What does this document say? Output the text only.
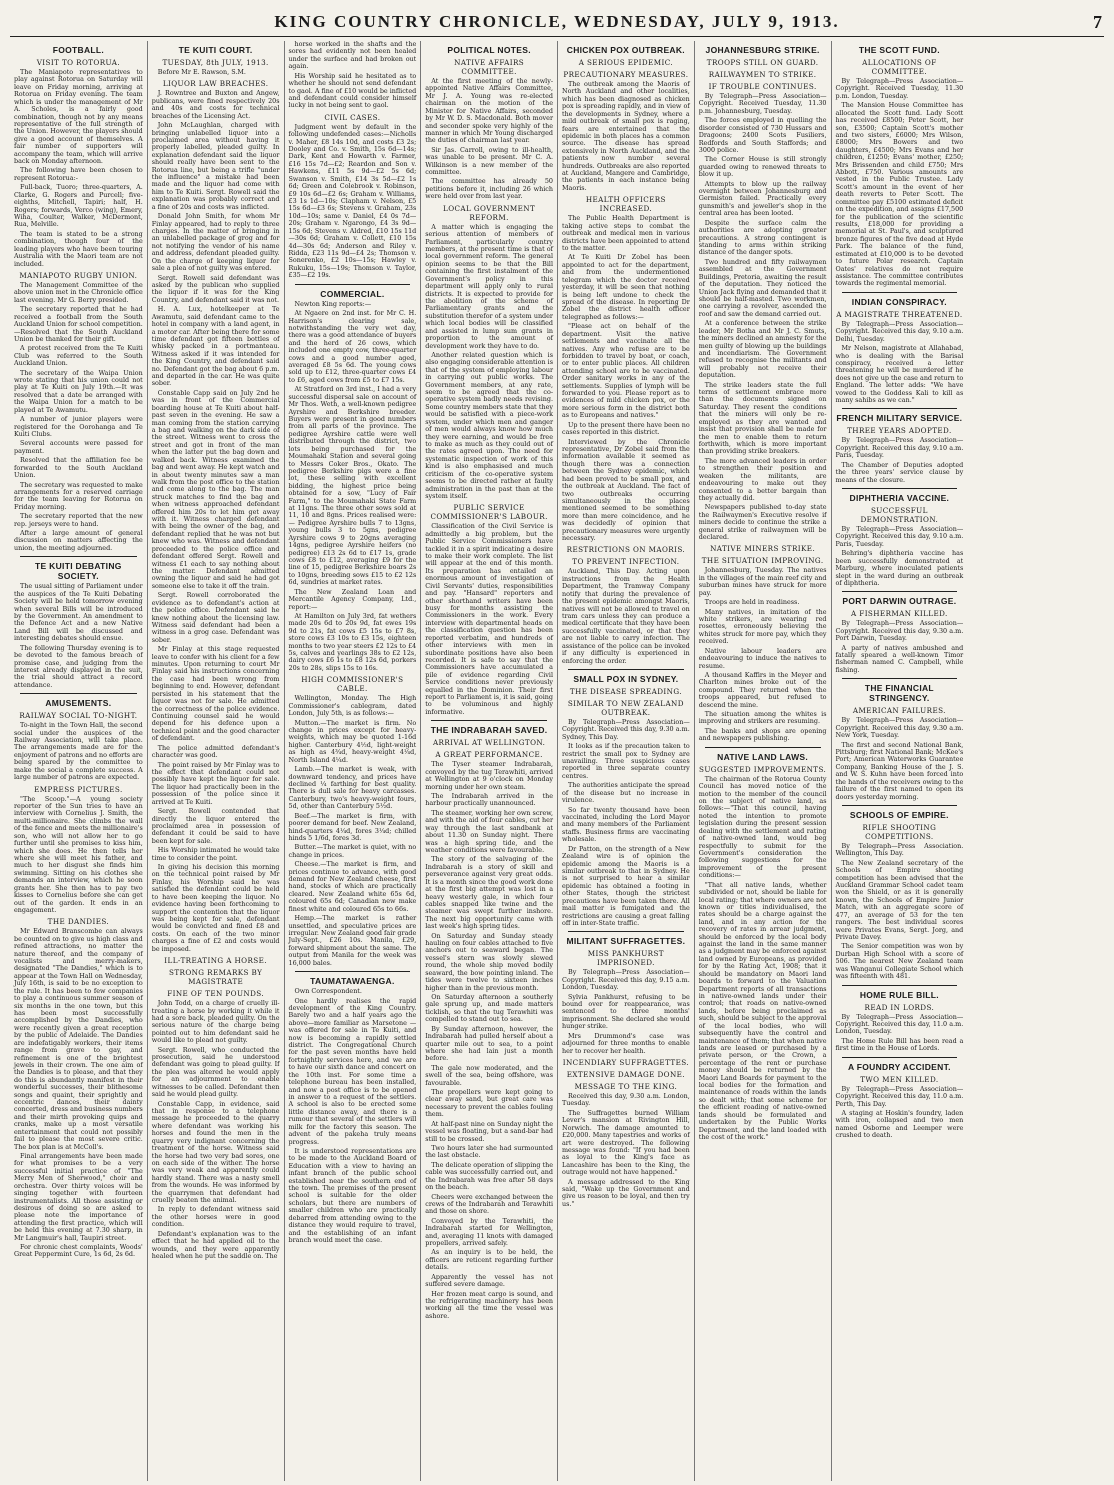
KING COUNTRY CHRONICLE, WEDNESDAY, JULY 9, 1913.	7
FOOTBALL.
VISIT TO ROTORUA.
The Maniapoto representatives to play against Rotorua on Saturday will leave on Friday morning, arriving at Rotorua on Friday evening. The team which is under the management of Mr A. Scholes, is a fairly good combination, though not by any means representative of the full strength of the Union. However, the players should give a good account of themselves. A fair number of supporters will accompany the team, which will arrive back on Monday afternoon.
The following have been chosen to represent Rotorua:-
Full-back, Tuoro; three-quarters, A. Clarke, G. Rogers and Purcell; five-eighths, Mitchell, Tapiri; half, H. Rogers; forwards, Verco (wing), Emery, Wiha, Coulter, Walker, McDermont, Rua, Melville.
The team is stated to be a strong combination, though four of the leading players who have been touring Australia with the Maori team are not included.
MANIAPOTO RUGBY UNION.
The Management Committee of the above union met in the Chronicle office last evening. Mr G. Berry presided.
The secretary reported that he had received a football from the South Auckland Union for school competition.—Resolved that the South Auckland Union be thanked for their gift.
A protest received from the Te Kuiti Club was referred to the South Auckland Union.
The secretary of the Waipa Union wrote stating that his union could not play at Te Kuiti on July 19th.—It was resolved that a date be arranged with the Waipa Union for a match to be played at Te Awamutu.
A number of junior players were registered for the Oorohanga and Te Kuiti Clubs.
Several accounts were passed for payment.
Resolved that the affiliation fee be forwarded to the South Auckland Union.
The secretary was requested to make arrangements for a reserved carriage for the team leaving for Rotorua on Friday morning.
The secretary reported that the new rep. jerseys were to hand.
After a large amount of general discussion on matters affecting the union, the meeting adjourned.
TE KUITI DEBATING SOCIETY.
The usual sitting of Parliament under the auspices of the Te Kuiti Debating Society will be held tomorrow evening when several Bills will be introduced by the Government. An amendment to the Defence Act and a new Native Land Bill will be discussed and interesting debates should ensue.
The following Thursday evening is to be devoted to the famous breach of promise case, and judging from the interest already displayed in the suit, the trial should attract a record attendance.
AMUSEMENTS.
RAILWAY SOCIAL TO-NIGHT.
To-night in the Town Hall, the second social under the auspices of the Railway Association, will take place. The arrangements made are for the enjoyment of patrons and no efforts are being spared by the committee to make the social a complete success. A large number of patrons are expected.
EMPRESS PICTURES.
"The Scoop."—A young society reporter of the Sun tries to have an interview with Cornelius J. Smith, the multi-millionaire. She climbs the wall of the fence and meets the millionaire's son, who will not allow her to go further until she promises to kiss him, which she does. He then tells her where she will meet his father, and much to her disgust she finds him swimming. Sitting on his clothes she demands an interview, which he soon grants her. She then has to pay two kisses to Cornelius before she can get out of the garden. It ends in an engagement.
THE DANDIES.
Mr Edward Branscombe can always be counted on to give us high class and refined attractions, no matter the nature thereof, and the company of vocalists and merry-makers, designated "The Dandies," which is to appear at the Town Hall on Wednesday, July 16th, is said to be no exception to the rule. It has been to few companies to play a continuous summer season of six months in the one town, but this has been most successfully accomplished by the Dandies, who were recently given a great reception by the public of Adelaide. The Dandies are indefatigably workers, their items range from grave to gay, and refinement is one of the brightest jewels in their crown. The one aim of the Dandies is to please, and that they do this is abundantly manifest in their wonderful successes, their blithesome songs and quaint, their sprightly and eccentric dances, their dainty concerted, dress and business numbers and their mirth provoking quips and cranks, make up a most versatile entertainment that could not possibly fail to please the most severe critic. The box plan is at McColl's.
Final arrangements have been made for what promises to be a very successful initial practice of "The Merry Men of Sherwood," choir and orchestra. Over thirty voices will be singing together with fourteen instrumentalists. All those assisting or desirous of doing so are asked to please note the importance of attending the first practice, which will be held this evening at 7.30 sharp, in Mr Langmuir's hall, Taupiri street.
For chronic chest complaints, Woods' Great Peppermint Cure, 1s 6d, 2s 6d.
TE KUITI COURT.
TUESDAY, 8th JULY, 1913.
Before Mr E. Rawson, S.M.
LIQUOR LAW BREACHES.
J. Rowntree and Buxton and Angew, publicans, were fined respectively 20s and 40s and costs for technical breaches of the Licensing Act.
John McLaughlan, charged with bringing unlabelled liquor into a proclaimed area without having it properly labelled, pleaded guilty. In explanation defendant said the liquor should really have been sent to the Rotorua line, but being a trifle "under the influence" a mistake had been made and the liquor had come with him to Te Kuiti. Sergt. Rowell said the explanation was probably correct and a fine of 20s and costs was inflicted.
Donald John Smith, for whom Mr Finlay appeared, had to reply to three charges. In the matter of bringing in an unlabelled package of grog and for not notifying the vendor of his name and address, defendant pleaded guilty. On the charge of keeping liquor for sale a plea of not guilty was entered.
Sergt. Rowell said defendant was asked by the publican who supplied the liquor if it was for the King Country, and defendant said it was not.
H. A. Lux, hotelkeeper at Te Awamutu, said defendant came to the hotel in company with a land agent, in a motor car. After being there for some time defendant got fifteen bottles of whisky packed in a portmanteau. Witness asked if it was intended for the King Country, and defendant said no. Defendant got the bag about 6 p.m. and departed in the car. He was quite sober.
Constable Capp said on July 2nd he was in front of the Commercial boarding house at Te Kuiti about half-past seven in the evening. He saw a man coming from the station carrying a bag and walking on the dark side of the street. Witness went to cross the street and got in front of the man when the latter put the bag down and walked back. Witness examined the bag and went away. He kept watch and in about twenty minutes saw a man walk from the post office to the station and come along to the bag. The man struck matches to find the bag and when witness approached defendant offered him 20s to let him get away with it. Witness charged defendant with being the owner of the bag, and defendant replied that he was not but knew who was. Witness and defendant proceeded to the police office and defendant offered Sergt. Rowell and witness £1 each to say nothing about the matter. Defendant admitted owning the liquor and said he had got someone else to take it off the train.
Sergt. Rowell corroborated the evidence as to defendant's action at the police office. Defendant said he knew nothing about the licensing law. Witness said defendant had been a witness in a grog case. Defendant was sober.
Mr Finlay at this stage requested leave to confer with his client for a few minutes. Upon returning to court Mr Finlay said his instructions concerning the case had been wrong from beginning to end. However, defendant persisted in his statement that the liquor was not for sale. He admitted the correctness of the police evidence. Continuing counsel said he would depend for his defence upon a technical point and the good character of defendant.
The police admitted defendant's character was good.
The point raised by Mr Finlay was to the effect that defendant could not possibly have kept the liquor for sale. The liquor had practically been in the possession of the police since it arrived at Te Kuiti.
Sergt. Rowell contended that directly the liquor entered the proclaimed area in possession of defendant it could be said to have been kept for sale.
His Worship intimated he would take time to consider the point.
In giving his decision this morning on the technical point raised by Mr Finlay, his Worship said he was satisfied the defendant could be held to have been keeping the liquor. No evidence having been forthcoming to support the contention that the liquor was being kept for sale, defendant would be convicted and fined £8 and costs. On each of the two minor charges a fine of £2 and costs would be imposed.
ILL-TREATING A HORSE.
STRONG REMARKS BY MAGISTRATE
FINE OF TEN POUNDS.
John Todd, on a charge of cruelly ill-treating a horse by working it while it had a sore back, pleaded guilty. On the serious nature of the charge being pointed out to him defendant said he would like to plead not guilty.
Sergt. Rowell, who conducted the prosecution, said he understood defendant was going to plead guilty. If the plea was altered he would apply for an adjournment to enable witnesses to be called. Defendant then said he would plead guilty.
Constable Capp, in evidence, said that in response to a telephone message he proceeded to the quarry where defendant was working his horses and found the men in the quarry very indignant concerning the treatment of the horse. Witness said the horse had two very bad sores, one on each side of the wither. The horse was very weak and apparently could hardly stand. There was a nasty smell from the wounds. He was informed by the quarrymen that defendant had cruelly beaten the animal.
In reply to defendant witness said the other horses were in good condition.
Defendant's explanation was to the effect that he had applied oil to the wounds, and they were apparently healed when he put the saddle on. The
horse worked in the shafts and the sores had evidently not been healed under the surface and had broken out again.
His Worship said he hesitated as to whether he should not send defendant to gaol. A fine of £10 would be inflicted and defendant could consider himself lucky in not being sent to gaol.
CIVIL CASES.
Judgment went by default in the following undefended cases:—Nicholls v. Maher, £8 14s 10d, and costs £3 2s; Dooley and Co. v. Smith, 15s 6d—14s; Dark, Kent and Howarth v. Farmer, £16 15s 7d—£2; Reardon and Son v. Hawkens, £11 5s 9d—£2 5s 6d; Swanson v. Smith, £14 3s 5d—£2 1s 6d; Green and Colebrook v. Robinson, £9 10s 6d—£2 6s; Graham v. Williams, £3 1s 1d—10s; Clapham v. Nelson, £5 15s 6d—£3 6s; Stevens v. Graham, 23s 10d—10s; same v. Daniel, £4 0s 7d—20s; Graham v. Ngarongo, £4 3s 9d—15s 6d; Stevens v. Aldred, £10 15s 11d—30s 6d; Graham v. Collett, £10 15s 4d—30s 6d; Anderson and Riley v. Ridda, £23 11s 9d—£4 2s; Thomson v. Sonerenko, £2 10s—15s; Hawley v. Rukuku, 15s—19s; Thomson v. Taylor, £35—£2 19s.
COMMERCIAL.
Newton King reports:—
At Ngaere on 2nd inst. for Mr C. H. Harrison's clearing sale, notwithstanding the very wet day, there was a good attendance of buyers and the herd of 26 cows, which included one empty cow, three-quarter cows and a good number aged, averaged £8 5s 6d. The young cows sold up to £12, three-quarter cows £4 to £6, aged cows from £5 to £7 15s.
At Stratford on 3rd inst., I had a very successful dispersal sale on account of Mr Thos. Weth, a well-known pedigree Ayrshire and Berkshire breeder. Buyers were present in good numbers from all parts of the province. The pedigree Ayrshire cattle were well distributed through the district, two lots being purchased for the Moumahaki Station and several going to Messrs Coker Bros., Okato. The pedigree Berkshire pigs were a fine lot, these selling with excellent bidding, the highest price being obtained for a sow, "Lucy of Fair Farm," to the Moumahaki State Farm at 11gns. The three other sows sold at 11, 10 and 8gns. Prices realised were:— Pedigree Ayrshire bulls 7 to 13gns, young bulls 3 to 5gns, pedigree Ayrshire cows 9 to 20gns averaging 14gns, pedigree Ayrshire heifers (no pedigree) £13 2s 6d to £17 1s, grade cows £8 to £12, averaging £9 for the line of 15, pedigree Berkshire boars 2s to 10gns, breeding sows £15 to £2 12s 6d, sundries at market rates.
The New Zealand Loan and Mercantile Agency Company, Ltd., report:—
At Hamilton on July 3rd, fat wethers made 20s 6d to 20s 9d, fat ewes 19s 9d to 21s, fat cows £5 15s to £7 8s, store cows £3 10s to £3 15s, eighteen months to two year steers £2 12s to £4 5s, calves and yearlings 38s to £2 12s, dairy cows £6 1s to £8 12s 6d, porkers 20s to 28s, slips 15s to 16s.
HIGH COMMISSIONER'S CABLE.
Wellington, Monday. The High Commissioner's cablegram, dated London, July 5th, is as follows:—
Mutton.—The market is firm. No change in prices except for heavy-weights, which may be quoted 1-16d higher. Canterbury 4½d, light-weight as high as 4¾d, heavy-weight 4¼d, North Island 4¼d.
Lamb.—The market is weak, with downward tendency, and prices have declined ¼ farthing for best quality. There is dull sale for heavy carcasses. Canterbury, two's heavy-weight fours, 5d, other than Canterbury 5½d.
Beef.—The market is firm, with poorer demand for beef. New Zealand, hind-quarters 4¼d, fores 3¼d; chilled hinds 5 1/6d, fores 3d.
Butter.—The market is quiet, with no change in prices.
Cheese.—The market is firm, and prices continue to advance, with good demand for New Zealand cheese, first hand, stocks of which are practically cleared. New Zealand white 65s 6d, coloured 65s 6d; Canadian new make finest white and coloured 65s to 66s.
Hemp.—The market is rather unsettled, and speculative prices are irregular. New Zealand good fair grade July-Sept., £26 10s. Manila, £29, forward shipment about the same. The output from Manila for the week was 16,000 bales.
TAUMATAWAENGA.
Own Correspondent.
One hardly realises the rapid development of the King Country. Barely two and a half years ago the above—more familiar as Marsetone —was offered for sale in Te Kuiti, and now is becoming a rapidly settled district. The Congregational Church for the past seven months have held fortnightly services here, and we are to have our sixth dance and concert on the 10th inst. For some time a telephone bureau has been installed, and now a post office is to be opened in answer to a request of the settlers. A school is also to be erected some little distance away, and there is a rumour that several of the settlers will milk for the factory this season. The advent of the pakeha truly means progress.
It is understood representations are to be made to the Auckland Board of Education with a view to having an infant branch of the public school established near the southern end of the town. The premises of the present school is suitable for the older scholars, but there are numbers of smaller children who are practically debarred from attending owing to the distance they would require to travel, and the establishing of an infant branch would meet the case.
POLITICAL NOTES.
NATIVE AFFAIRS COMMITTEE.
At the first meeting of the newly-appointed Native Affairs Committee, Mr J. A. Young was re-elected chairman on the motion of the Minister for Native Affairs, seconded by Mr W. D. S. Macdonald. Both mover and seconder spoke very highly of the manner in which Mr Young discharged the duties of chairman last year.
Sir Jas. Carroll, owing to ill-health, was unable to be present. Mr C. A. Wilkinson is a new member of the committee.
The committee has already 50 petitions before it, including 26 which were held over from last year.
LOCAL GOVERNMENT REFORM.
A matter which is engaging the serious attention of members of Parliament, particularly country members, at the present time is that of local government reform. The general opinion seems to be that the Bill containing the first instalment of the Government's policy in this department will apply only to rural districts. It is expected to provide for the abolition of the scheme of Parliamentary grants and the substitution therefor of a system under which local bodies will be classified and assisted in lump sum grants in proportion to the amount of development work they have to do.
Another related question which is also engaging considerable attention is that of the system of employing labour in carrying out public works. The Government members, at any rate, seem to be agreed that the co-operative system badly needs revising. Some country members state that they would be satisfied with a piece-work system, under which men and ganger of men would always know how much they were earning, and would be free to make as much as they could out of the rates agreed upon. The need for systematic inspection of work of this kind is also emphasised and much criticism of the co-operative system seems to be directed rather at faulty administration in the past than at the system itself.
PUBLIC SERVICE COMMISSIONER'S LABOUR.
Classification of the Civil Service is admittedly a big problem, but the Public Service Commissioners have tackled it in a spirit indicating a desire to make their work complete. The list will appear at the end of this month. Its preparation has entailed an enormous amount of investigation of Civil Servants' duties, responsibilities and pay. "Hansard" reporters and other shorthand writers have been busy for months assisting the Commissioners in the work. Every interview with departmental heads on the classification question has been reported verbatim, and hundreds of other interviews with men in subordinate positions have also been recorded. It is safe to say that the Commissioners have accumulated a pile of evidence regarding Civil Service conditions never previously equalled in the Dominion. Their first report to Parliament is, it is said, going to be voluminous and highly informative.
THE INDRABARAH SAVED.
ARRIVAL AT WELLINGTON.
A GREAT PERFORMANCE.
The Tyser steamer Indrabarah, convoyed by the tug Terawhiti, arrived at Wellington at 9 o'clock on Monday morning under her own steam.
The Indrabarah arrived in the harbour practically unannounced.
The steamer, working her own screw, and with the aid of four cables, cut her way through the last sandbank at about 11.30 on Sunday night. There was a high spring tide, and the weather conditions were favourable.
The story of the salvaging of the Indrabarah is a story of skill and perseverance against very great odds. It is a month since the good work done at the first big attempt was lost in a heavy westerly gale, in which four cables snapped like twine and the steamer was swept further inshore. The next big opportunity came with last week's high spring tides.
On Saturday and Sunday steady hauling on four cables attached to five anchors out to seaward began. The vessel's stern was slowly slewed round, the whole ship moved bodily seaward, the bow pointing inland. The tides were twelve to sixteen inches higher than in the previous month.
On Saturday afternoon a southerly gale sprung up, and made matters ticklish, so that the tug Terawhiti was compelled to stand out to sea.
By Sunday afternoon, however, the Indrabarah had pulled herself about a quarter mile out to sea, to a point where she had lain just a month before.
The gale now moderated, and the swell of the sea, being offshore, was favourable.
The propellers were kept going to clear away sand, but great care was necessary to prevent the cables fouling them.
At half-past nine on Sunday night the vessel was floating, but a sand-bar had still to be crossed.
Two hours later she had surmounted the last obstacle.
The delicate operation of slipping the cable was successfully carried out, and the Indrabarah was free after 58 days on the beach.
Cheers were exchanged between the crews of the Indrabarah and Terawhiti and those on shore.
Convoyed by the Terawhiti, the Indrabarah started for Wellington, and, averaging 11 knots with damaged propellers, arrived safely.
As an inquiry is to be held, the officers are reticent regarding further details.
Apparently the vessel has not suffered severe damage.
Her frozen meat cargo is sound, and the refrigerating machinery has been working all the time the vessel was ashore.
CHICKEN POX OUTBREAK.
A SERIOUS EPIDEMIC.
PRECAUTIONARY MEASURES.
The outbreak among the Maoris of North Auckland and other localities, which has been diagnosed as chicken pox is spreading rapidly, and in view of the developments in Sydney, where a mild outbreak of small pox is raging, fears are entertained that the epidemic in both places has a common source. The disease has spread extensively in North Auckland, and the patients now number several hundreds. Outbreaks are also reported at Auckland, Mangere and Cambridge, the patients in each instance being Maoris.
HEALTH OFFICERS INCREASED.
The Public Health Department is taking active steps to combat the outbreak and medical men in various districts have been appointed to attend to the matter.
At Te Kuiti Dr Zobel has been appointed to act for the department, and from the undermentioned telegram which the doctor received yesterday, it will be seen that nothing is being left undone to check the spread of the disease. In reporting Dr Zobel the district health officer telegraphed as follows:—
"Please act on behalf of the department. Visit the native settlements and vaccinate all the natives. Any who refuse are to be forbidden to travel by boat, or coach, or to enter public places. All children attending school are to be vaccinated. Order sanitary works in any of the settlements. Supplies of lymph will be forwarded to you. Please report as to evidences of mild chicken pox, or the more serious form in the district both as to Europeans and natives."
Up to the present there have been no cases reported in this district.
Interviewed by the Chronicle representative, Dr Zobel said from the information available it seemed as though there was a connection between the Sydney epidemic, which had been proved to be small pox, and the outbreak at Auckland. The fact of two outbreaks occurring simultaneously in the places mentioned seemed to be something more than mere coincidence, and he was decidedly of opinion that precautionary measures were urgently necessary.
RESTRICTIONS ON MAORIS.
TO PREVENT INFECTION.
Auckland, This Day. Acting upon instructions from the Health Department, the Tramway Company notify that during the prevalence of the present epidemic amongst Maoris, natives will not be allowed to travel on tram cars unless they can produce a medical certificate that they have been successfully vaccinated, or that they are not liable to carry infection. The assistance of the police can be invoked if any difficulty is experienced in enforcing the order.
SMALL POX IN SYDNEY.
THE DISEASE SPREADING.
SIMILAR TO NEW ZEALAND OUTBREAK.
By Telegraph—Press Association—Copyright. Received this day, 9.30 a.m. Sydney, This Day.
It looks as if the precaution taken to restrict the small pox to Sydney are unavailing. Three suspicious cases reported in three separate country centres.
The authorities anticipate the spread of the disease but no increase in virulence.
So far twenty thousand have been vaccinated, including the Lord Mayor and many members of the Parliament staffs. Business firms are vaccinating wholesale.
Dr Patton, on the strength of a New Zealand wire is of opinion the epidemic among the Maoris is a similar outbreak to that in Sydney. He is not surprised to hear a similar epidemic has obtained a footing in other States, though the strictest precautions have been taken there. All mail matter is fumigated and the restrictions are causing a great falling off in inter-State traffic.
MILITANT SUFFRAGETTES.
MISS PANKHURST IMPRISONED.
By Telegraph—Press Association—Copyright. Received this day, 9.15 a.m. London, Tuesday.
Sylvia Pankhurst, refusing to be bound over for reappearance, was sentenced to three months' imprisonment. She declared she would hunger strike.
Mrs Drummond's case was adjourned for three months to enable her to recover her health.
INCENDIARY SUFFRAGETTES.
EXTENSIVE DAMAGE DONE.
MESSAGE TO THE KING.
Received this day, 9.30 a.m. London, Tuesday.
The Suffragettes burned William Lever's mansion at Rivington Hill, Norwich. The damage amounted to £20,000. Many tapestries and works of art were destroyed. The following message was found: "If you had been as loyal to the King's face as Lancashire has been to the King, the outrage would not have happened."
A message addressed to the King said, "Wake up the Government and give us reason to be loyal, and then try us."
JOHANNESBURG STRIKE.
TROOPS STILL ON GUARD.
RAILWAYMEN TO STRIKE.
IF TROUBLE CONTINUES.
By Telegraph—Press Association—Copyright. Received Tuesday, 11.30 p.m. Johannesburg, Tuesday.
The forces employed in quelling the disorder consisted of 730 Hussars and Dragoons; 2400 Scots Fusiliers, Redfords and South Staffords; and 3000 police.
The Corner House is still strongly guarded owing to renewed threats to blow it up.
Attempts to blow up the railway overnight between Johannesburg and Germiston failed. Practically every gunsmith's and jeweller's shop in the central area has been looted.
Despite the surface calm the authorities are adopting greater precautions. A strong contingent is standing to arms within striking distance of the danger spots.
Two hundred and fifty railwaymen assembled at the Government Buildings, Pretoria, awaiting the result of the deputation. They noticed the Union Jack flying and demanded that it should be half-masted. Two workmen, one carrying a revolver, ascended the roof and saw the demand carried out.
At a conference between the strike leader, Mr Botha and Mr J. C. Smuts, the miners declined an amnesty for the men guilty of blowing up the buildings and incendiarism. The Government refused to recognise the militants and will probably not receive their deputation.
The strike leaders state the full terms of settlement embrace more than the documents signed on Saturday. They resent the conditions that the miners will only be re-employed as they are wanted and insist that provision shall be made for the men to enable them to return forthwith, which is more important than providing strike breakers.
The more advanced leaders in order to strengthen their position and weaken the militants, are endeavouring to make out they consented to a better bargain than they actually did.
Newspapers published to-day state the Railwaymen's Executive resolve if miners decide to continue the strike a general strike of railwaymen will be declared.
NATIVE MINERS STRIKE.
THE SITUATION IMPROVING.
Johannesburg, Tuesday. The natives in the villages of the main reef city and suburban mines have struck for more pay.
Troops are held in readiness.
Many natives, in imitation of the white strikers, are wearing red rosettes, erroneously believing the whites struck for more pay, which they received.
Native labour leaders are endeavouring to induce the natives to resume.
A thousand Kaffirs in the Meyer and Charlton mines broke out of the compound. They returned when the troops appeared, but refused to descend the mine.
The situation among the whites is improving and strikers are resuming.
The banks and shops are opening and newspapers publishing.
NATIVE LAND LAWS.
SUGGESTED IMPROVEMENTS.
The chairman of the Rotorua County Council has moved notice of the motion to the member of the council on the subject of native land, as follows:—"That this council, having noted the intention to promote legislation during the present session dealing with the settlement and rating of native-owned land, would beg respectfully to submit for the Government's consideration the following suggestions for the improvement of the present conditions:—
"That all native lands, whether subdivided or not, should be liable for local rating; that where owners are not known or titles individualised, the rates should be a charge against the land, and in any action for the recovery of rates in arrear judgment, should be enforced by the local body against the land in the same manner as a judgment may be enforced against land owned by Europeans, as provided for by the Rating Act, 1908; that it should be mandatory on Maori land boards to forward to the Valuation Department reports of all transactions in native-owned lands under their control; that roads on native-owned lands, before being proclaimed as such, should be subject to the approval of the local bodies, who will subsequently have the control and maintenance of them; that when native lands are leased or purchased by a private person, or the Crown, a percentage of the rent or purchase money should be returned by the Maori Land Boards for payment to the local bodies for the formation and maintenance of roads within the lands so dealt with; that some scheme for the efficient roading of native-owned lands should be formulated and undertaken by the Public Works Department, and the land loaded with the cost of the work."
THE SCOTT FUND.
ALLOCATIONS OF COMMITTEE.
By Telegraph—Press Association—Copyright. Received Tuesday, 11.30 p.m. London, Tuesday.
The Mansion House Committee has allocated the Scott fund. Lady Scott has received £8500; Peter Scott, her son, £3500; Captain Scott's mother and two sisters, £6000; Mrs Wilson, £8000; Mrs Bowers and two daughters, £4500; Mrs Evans and her children, £1250; Evans' mother, £250; Mrs Brissenden and child £750; Mrs Abbott, £750. Various amounts are vested in the Public Trustee. Lady Scott's amount in the event of her death reverts to Peter Scott. The committee pay £5100 estimated deficit on the expedition, and assigns £17,500 for the publication of the scientific results, £18,000 for providing a memorial at St. Paul's, and sculptured bronze figures of the five dead at Hyde Park. The balance of the fund, estimated at £10,000 is to be devoted to future Polar research. Captain Oates' relatives do not require assistance. The committee contributes towards the regimental memorial.
INDIAN CONSPIRACY.
A MAGISTRATE THREATENED.
By Telegraph—Press Association—Copyright. Received this day, 9.10 a.m. Delhi, Tuesday.
Mr Nelson, magistrate at Allahabad, who is dealing with the Barisal conspiracy, received a letter threatening he will be murdered if he does not give up the case and return to England. The letter adds: "We have vowed to the Goddess Kali to kill as many sahibs as we can."
FRENCH MILITARY SERVICE.
THREE YEARS ADOPTED.
By Telegraph—Press Association—Copyright. Received this day, 9.10 a.m. Paris, Tuesday.
The Chamber of Deputies adopted the three years' service clause by means of the closure.
DIPHTHERIA VACCINE.
SUCCESSFUL DEMONSTRATION.
By Telegraph—Press Association—Copyright. Received this day, 9.10 a.m. Paris, Tuesday.
Behring's diphtheria vaccine has been successfully demonstrated at Marburg, where inoculated patients slept in the ward during an outbreak of diphtheria.
PORT DARWIN OUTRAGE.
A FISHERMAN KILLED.
By Telegraph—Press Association—Copyright. Received this day, 9.30 a.m. Port Darwin, Tuesday.
A party of natives ambushed and fatally speared a well-known Timor fisherman named C. Campbell, while fishing.
THE FINANCIAL STRINGENCY.
AMERICAN FAILURES.
By Telegraph—Press Association—Copyright. Received this day, 9.30 a.m. New York, Tuesday.
The first and second National Bank, Pittsburg; first National Bank; McKee's Port; American Waterworks Guarantee Company, Banking House of the J. S. and W. S. Kuhn have been forced into the hands of the receivers owing to the failure of the first named to open its doors yesterday morning.
SCHOOLS OF EMPIRE.
RIFLE SHOOTING COMPETITIONS.
By Telegraph—Press Association. Wellington, This Day.
The New Zealand secretary of the Schools of Empire shooting competition has been advised that the Auckland Grammar School cadet team won the Shield, or as it is generally known, the Schools of Empire Junior Match, with an aggregate score of 477, an average of 53 for the ten rangers. The best individual scores were Privates Evans, Sergt. Jorg, and Private Davey.
The Senior competition was won by Durban High School with a score of 506. The nearest New Zealand team was Wanganui Collegiate School which was fifteenth with 481.
HOME RULE BILL.
READ IN LORDS.
By Telegraph—Press Association—Copyright. Received this day, 11.0 a.m. London, Tuesday.
The Home Rule Bill has been read a first time in the House of Lords.
A FOUNDRY ACCIDENT.
TWO MEN KILLED.
By Telegraph—Press Association—Copyright. Received this day, 11.0 a.m. Perth, This Day.
A staging at Hoskin's foundry, laden with iron, collapsed and two men named Osborne and Leemper were crushed to death.
